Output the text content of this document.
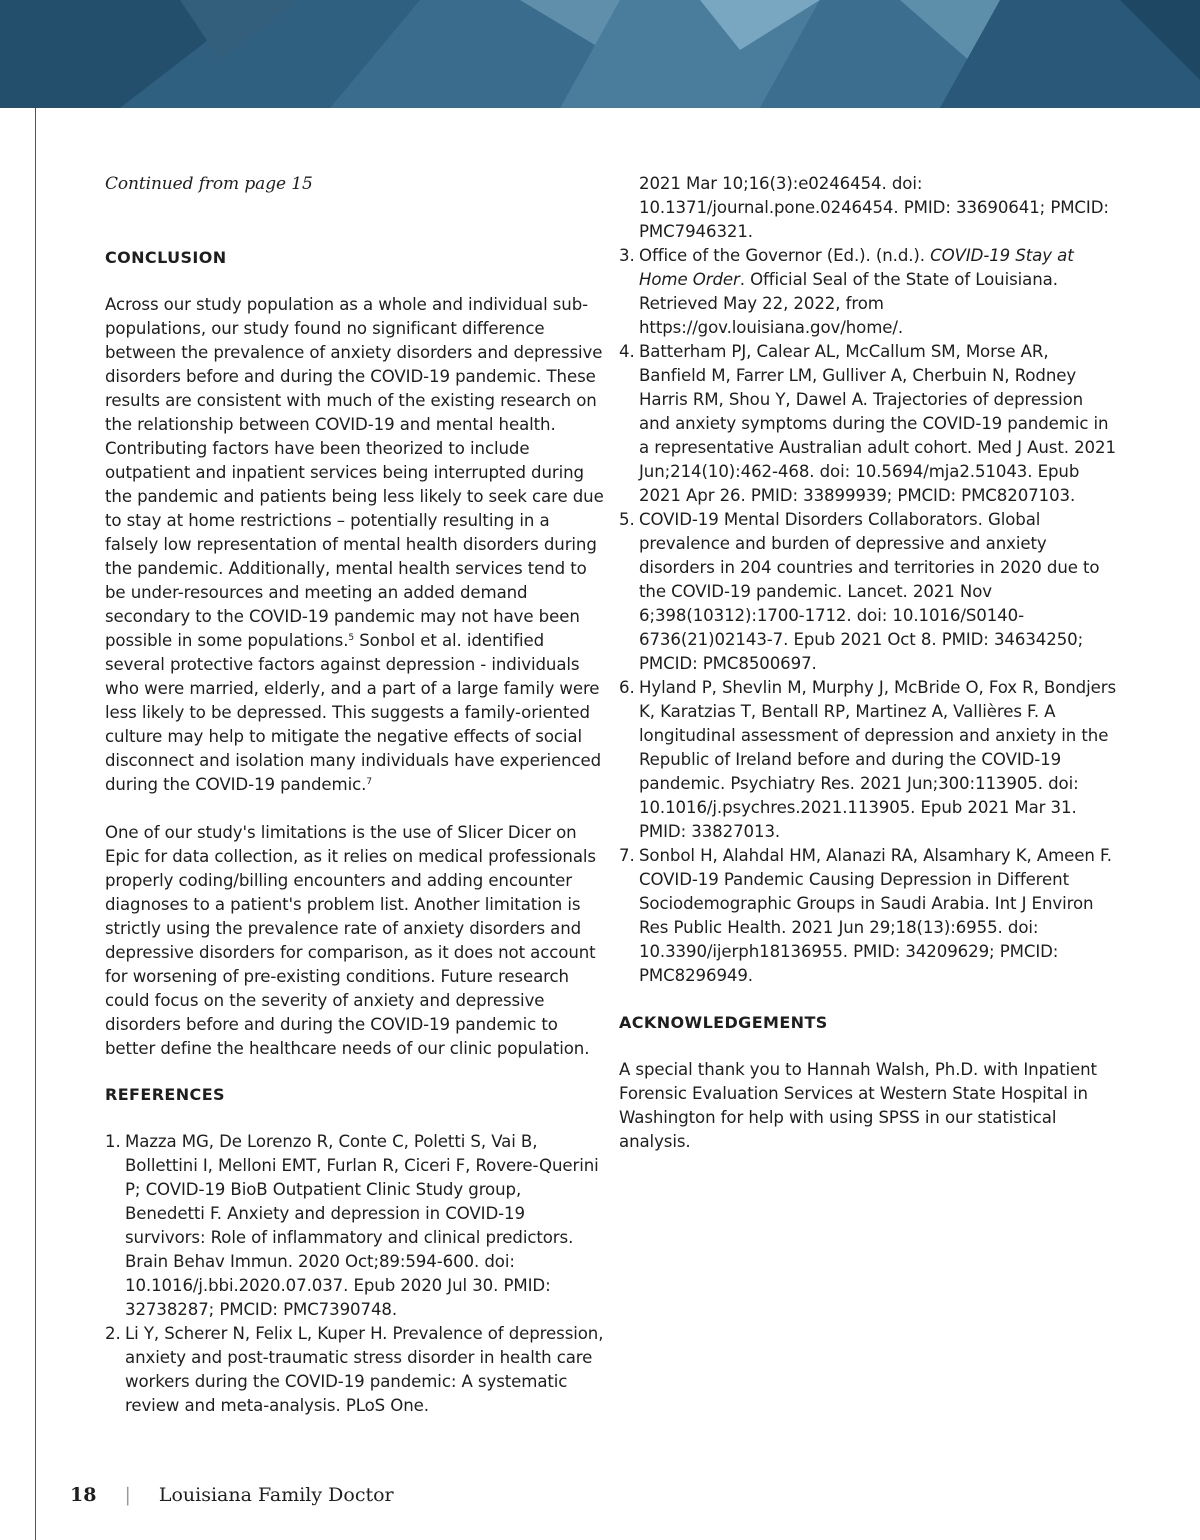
Continued from page 15

CONCLUSION

Across our study population as a whole and individual sub-populations, our study found no significant difference between the prevalence of anxiety disorders and depressive disorders before and during the COVID-19 pandemic. These results are consistent with much of the existing research on the relationship between COVID-19 and mental health. Contributing factors have been theorized to include outpatient and inpatient services being interrupted during the pandemic and patients being less likely to seek care due to stay at home restrictions – potentially resulting in a falsely low representation of mental health disorders during the pandemic. Additionally, mental health services tend to be under-resources and meeting an added demand secondary to the COVID-19 pandemic may not have been possible in some populations.$^5$ Sonbol et al. identified several protective factors against depression - individuals who were married, elderly, and a part of a large family were less likely to be depressed. This suggests a family-oriented culture may help to mitigate the negative effects of social disconnect and isolation many individuals have experienced during the COVID-19 pandemic.$^7$

One of our study's limitations is the use of Slicer Dicer on Epic for data collection, as it relies on medical professionals properly coding/billing encounters and adding encounter diagnoses to a patient's problem list. Another limitation is strictly using the prevalence rate of anxiety disorders and depressive disorders for comparison, as it does not account for worsening of pre-existing conditions. Future research could focus on the severity of anxiety and depressive disorders before and during the COVID-19 pandemic to better define the healthcare needs of our clinic population.

REFERENCES
1. Mazza MG, De Lorenzo R, Conte C, Poletti S, Vai B, Bollettini I, Melloni EMT, Furlan R, Ciceri F, Rovere-Querini P; COVID-19 BioB Outpatient Clinic Study group, Benedetti F. Anxiety and depression in COVID-19 survivors: Role of inflammatory and clinical predictors. Brain Behav Immun. 2020 Oct;89:594-600. doi: 10.1016/j.bbi.2020.07.037. Epub 2020 Jul 30. PMID: 32738287; PMCID: PMC7390748.
2. Li Y, Scherer N, Felix L, Kuper H. Prevalence of depression, anxiety and post-traumatic stress disorder in health care workers during the COVID-19 pandemic: A systematic review and meta-analysis. PLoS One.

2021 Mar 10;16(3):e0246454. doi: 10.1371/journal.pone.0246454. PMID: 33690641; PMCID: PMC7946321.

3. Office of the Governor (Ed.). (n.d.). COVID-19 Stay at Home Order. Official Seal of the State of Louisiana. Retrieved May 22, 2022, from https://gov.louisiana.gov/home/.
4. Batterham PJ, Calear AL, McCallum SM, Morse AR, Banfield M, Farrer LM, Gulliver A, Cherbuin N, Rodney Harris RM, Shou Y, Dawel A. Trajectories of depression and anxiety symptoms during the COVID-19 pandemic in a representative Australian adult cohort. Med J Aust. 2021 Jun;214(10):462-468. doi: 10.5694/mja2.51043. Epub 2021 Apr 26. PMID: 33899939; PMCID: PMC8207103.
5. COVID-19 Mental Disorders Collaborators. Global prevalence and burden of depressive and anxiety disorders in 204 countries and territories in 2020 due to the COVID-19 pandemic. Lancet. 2021 Nov 6;398(10312):1700-1712. doi: 10.1016/S0140-6736(21)02143-7. Epub 2021 Oct 8. PMID: 34634250; PMCID: PMC8500697.
6. Hyland P, Shevlin M, Murphy J, McBride O, Fox R, Bondjers K, Karatzias T, Bentall RP, Martinez A, Vallières F. A longitudinal assessment of depression and anxiety in the Republic of Ireland before and during the COVID-19 pandemic. Psychiatry Res. 2021 Jun;300:113905. doi: 10.1016/j.psychres.2021.113905. Epub 2021 Mar 31. PMID: 33827013.
7. Sonbol H, Alahdal HM, Alanazi RA, Alsamhary K, Ameen F. COVID-19 Pandemic Causing Depression in Different Sociodemographic Groups in Saudi Arabia. Int J Environ Res Public Health. 2021 Jun 29;18(13):6955. doi: 10.3390/ijerph18136955. PMID: 34209629; PMCID: PMC8296949.
ACKNOWLEDGEMENTS

A special thank you to Hannah Walsh, Ph.D. with Inpatient Forensic Evaluation Services at Western State Hospital in Washington for help with using SPSS in our statistical analysis.

18 | Louisiana Family Doctor
